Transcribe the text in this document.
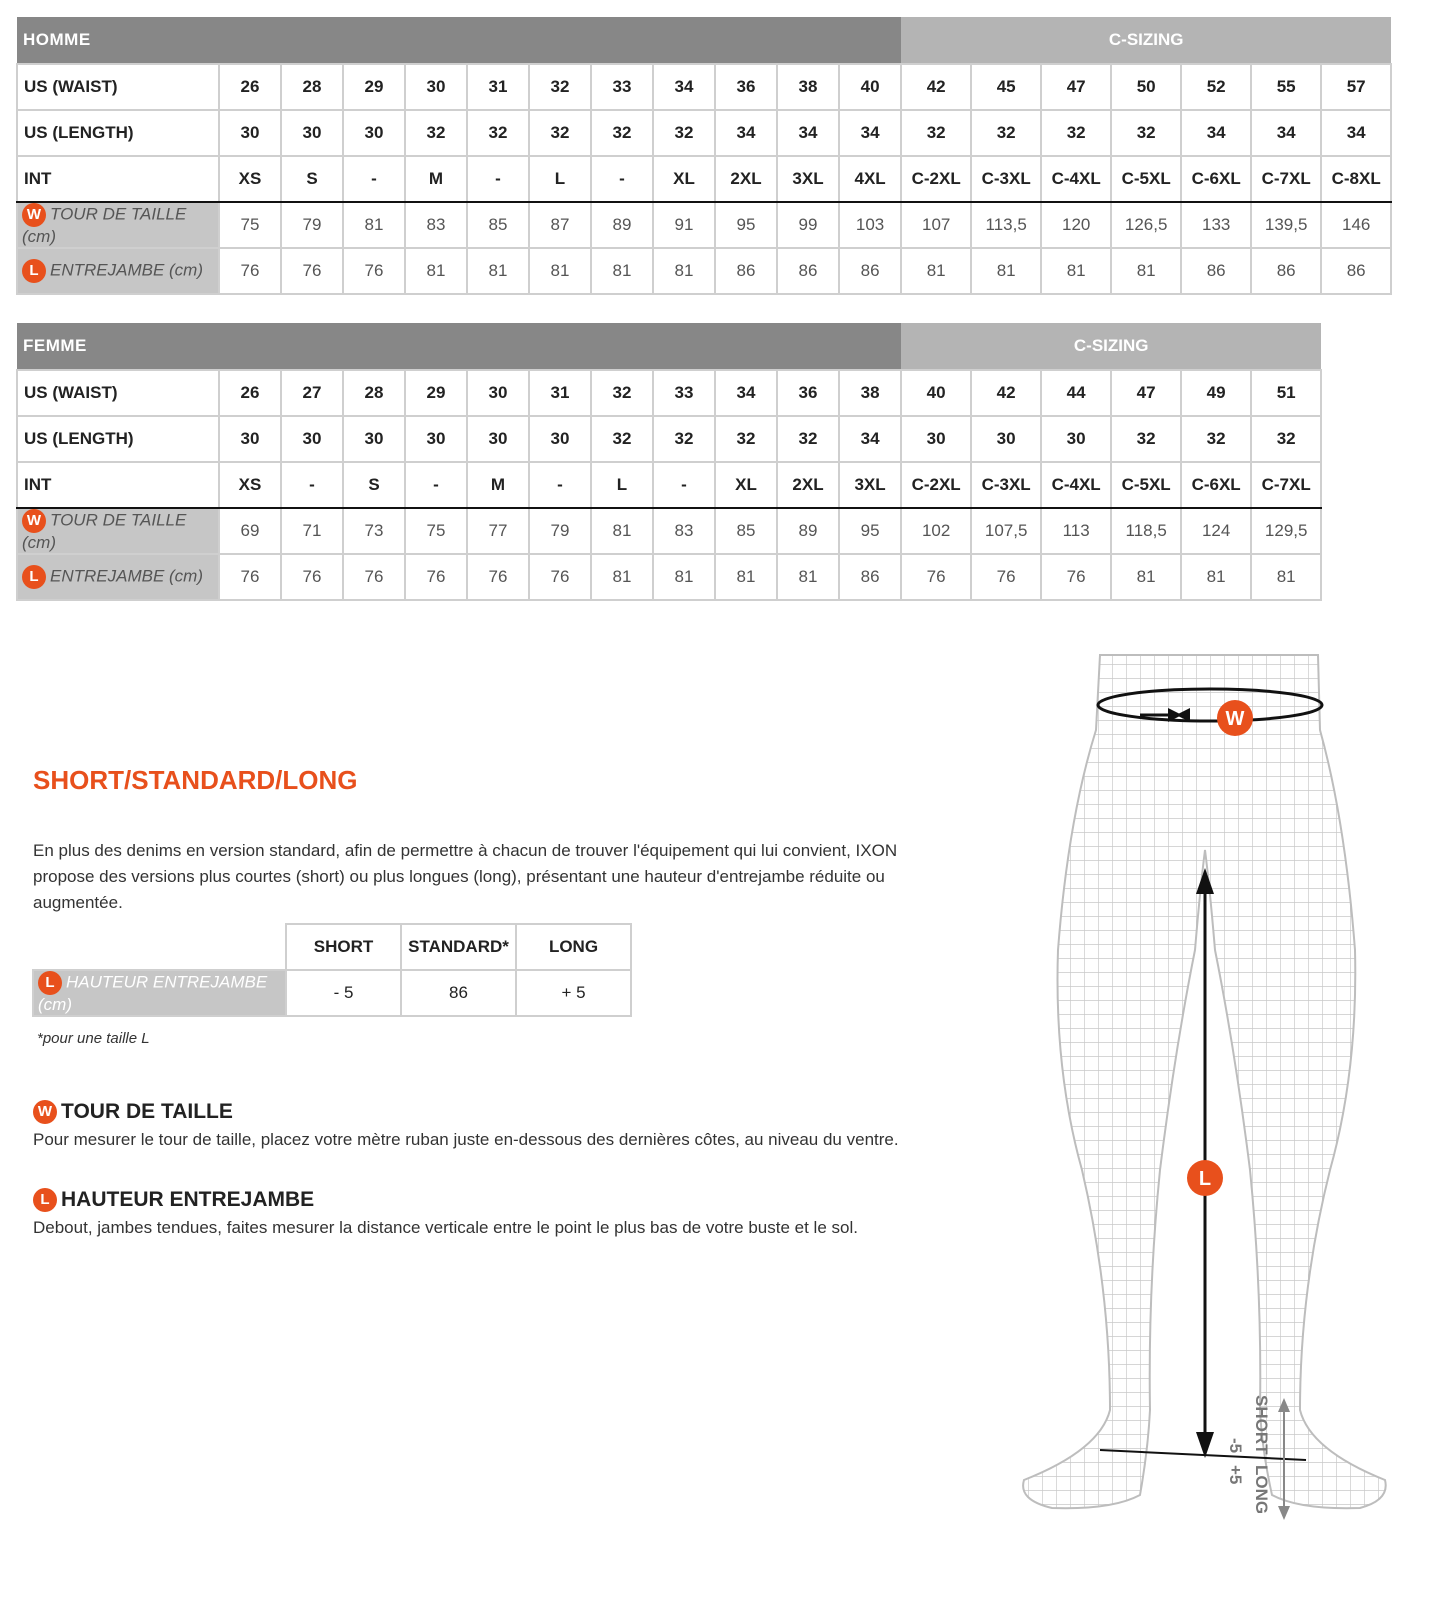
HOMME												C-SIZING						
US (WAIST)	26	28	29	30	31	32	33	34	36	38	40	42	45	47	50	52	55	57
US (LENGTH)	30	30	30	32	32	32	32	32	34	34	34	32	32	32	32	34	34	34
INT	XS	S	-	M	-	L	-	XL	2XL	3XL	4XL	C-2XL	C-3XL	C-4XL	C-5XL	C-6XL	C-7XL	C-8XL
W TOUR DE TAILLE (cm)	75	79	81	83	85	87	89	91	95	99	103	107	113,5	120	126,5	133	139,5	146
L ENTREJAMBE (cm)	76	76	76	81	81	81	81	81	86	86	86	81	81	81	81	86	86	86
FEMME												C-SIZING					
US (WAIST)	26	27	28	29	30	31	32	33	34	36	38	40	42	44	47	49	51
US (LENGTH)	30	30	30	30	30	30	32	32	32	32	34	30	30	30	32	32	32
INT	XS	-	S	-	M	-	L	-	XL	2XL	3XL	C-2XL	C-3XL	C-4XL	C-5XL	C-6XL	C-7XL
W TOUR DE TAILLE (cm)	69	71	73	75	77	79	81	83	85	89	95	102	107,5	113	118,5	124	129,5
L ENTREJAMBE (cm)	76	76	76	76	76	76	81	81	81	81	86	76	76	76	81	81	81
SHORT/STANDARD/LONG
En plus des denims en version standard, afin de permettre à chacun de trouver l'équipement qui lui convient, IXON propose des versions plus courtes (short) ou plus longues (long), présentant une hauteur d'entrejambe réduite ou augmentée.
	SHORT	STANDARD*	LONG
L HAUTEUR ENTREJAMBE (cm)	- 5	86	+ 5
*pour une taille L
W TOUR DE TAILLE
Pour mesurer le tour de taille, placez votre mètre ruban juste en-dessous des dernières côtes, au niveau du ventre.
L HAUTEUR ENTREJAMBE
Debout, jambes tendues, faites mesurer la distance verticale entre le point le plus bas de votre buste et le sol.
W
L
SHORT
-5
LONG
+5
